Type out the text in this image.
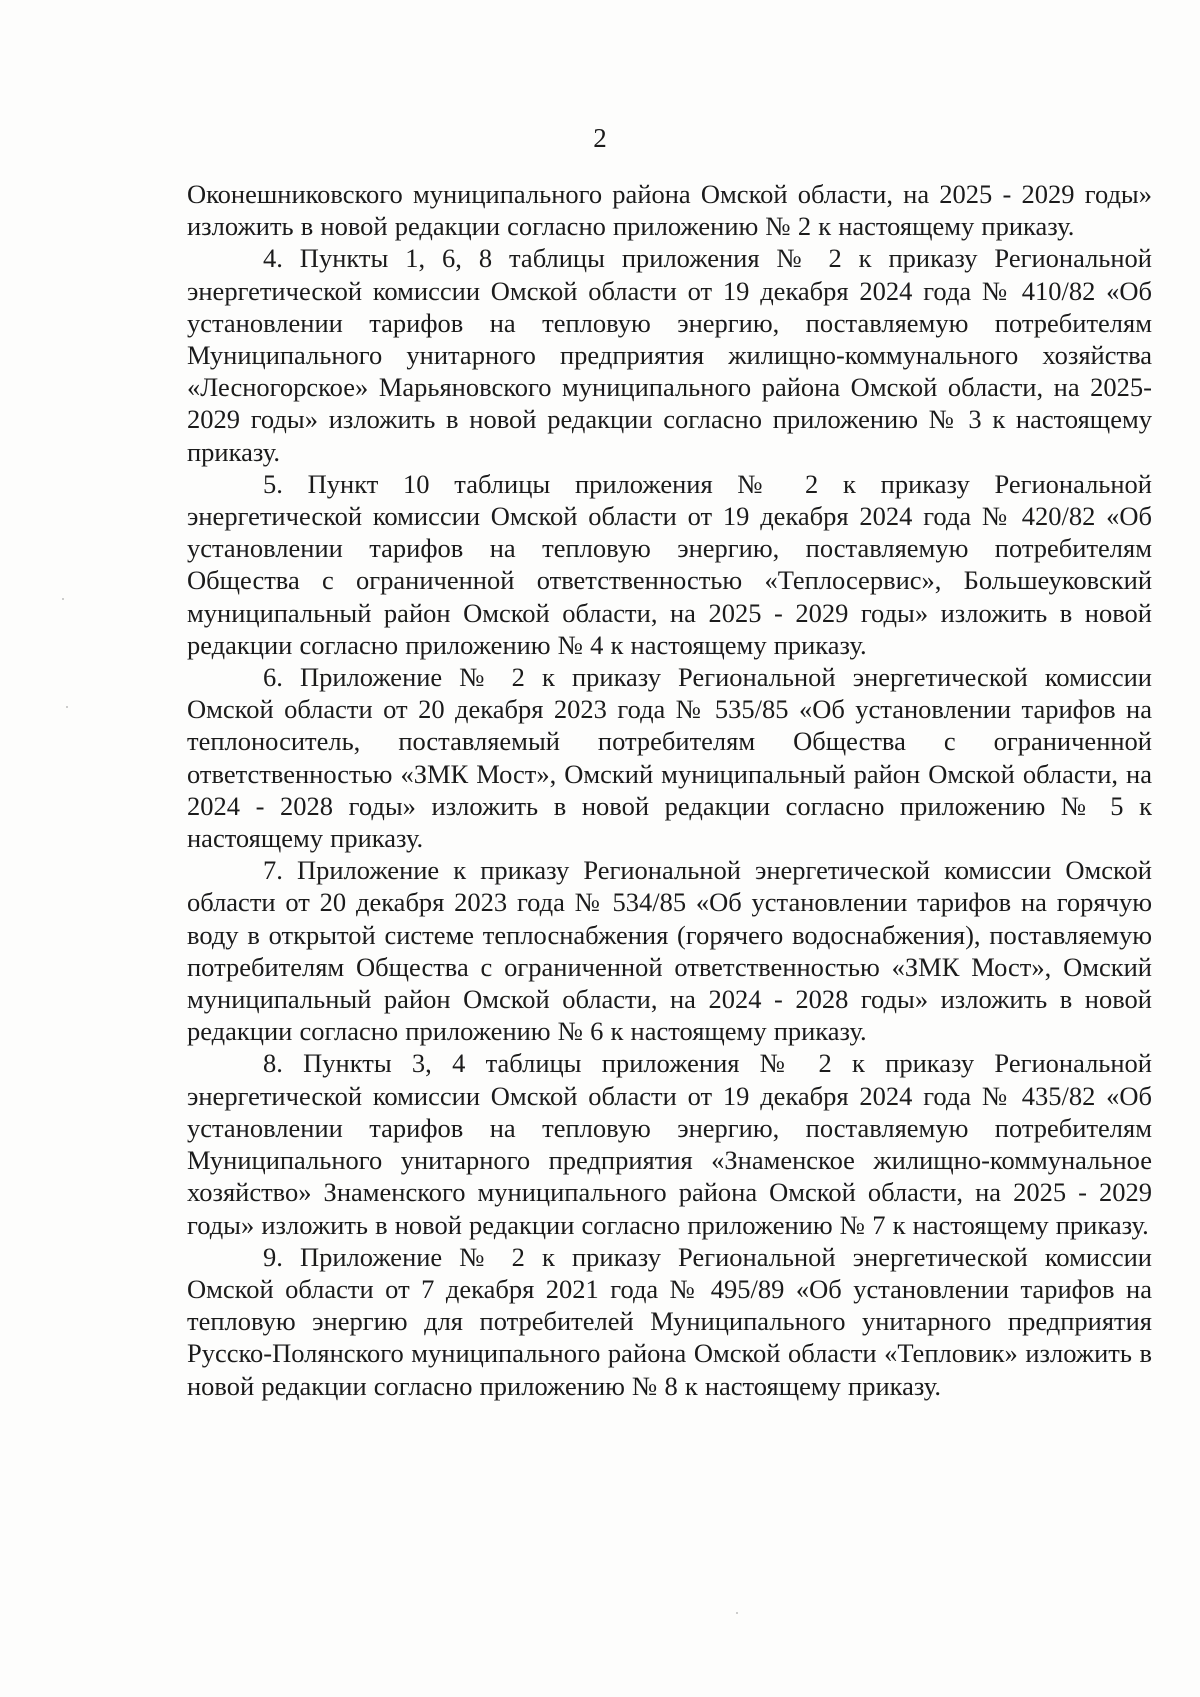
2

Оконешниковского муниципального района Омской области, на 2025 - 2029 годы» изложить в новой редакции согласно приложению № 2 к настоящему приказу.

4. Пункты 1, 6, 8 таблицы приложения № 2 к приказу Региональной энергетической комиссии Омской области от 19 декабря 2024 года № 410/82 «Об установлении тарифов на тепловую энергию, поставляемую потребителям Муниципального унитарного предприятия жилищно-коммунального хозяйства «Лесногорское» Марьяновского муниципального района Омской области, на 2025-2029 годы» изложить в новой редакции согласно приложению № 3 к настоящему приказу.

5. Пункт 10 таблицы приложения № 2 к приказу Региональной энергетической комиссии Омской области от 19 декабря 2024 года № 420/82 «Об установлении тарифов на тепловую энергию, поставляемую потребителям Общества с ограниченной ответственностью «Теплосервис», Большеуковский муниципальный район Омской области, на 2025 - 2029 годы» изложить в новой редакции согласно приложению № 4 к настоящему приказу.

6. Приложение № 2 к приказу Региональной энергетической комиссии Омской области от 20 декабря 2023 года № 535/85 «Об установлении тарифов на теплоноситель, поставляемый потребителям Общества с ограниченной ответственностью «ЗМК Мост», Омский муниципальный район Омской области, на 2024 - 2028 годы» изложить в новой редакции согласно приложению № 5 к настоящему приказу.

7. Приложение к приказу Региональной энергетической комиссии Омской области от 20 декабря 2023 года № 534/85 «Об установлении тарифов на горячую воду в открытой системе теплоснабжения (горячего водоснабжения), поставляемую потребителям Общества с ограниченной ответственностью «ЗМК Мост», Омский муниципальный район Омской области, на 2024 - 2028 годы» изложить в новой редакции согласно приложению № 6 к настоящему приказу.

8. Пункты 3, 4 таблицы приложения № 2 к приказу Региональной энергетической комиссии Омской области от 19 декабря 2024 года № 435/82 «Об установлении тарифов на тепловую энергию, поставляемую потребителям Муниципального унитарного предприятия «Знаменское жилищно-коммунальное хозяйство» Знаменского муниципального района Омской области, на 2025 - 2029 годы» изложить в новой редакции согласно приложению № 7 к настоящему приказу.

9. Приложение № 2 к приказу Региональной энергетической комиссии Омской области от 7 декабря 2021 года № 495/89 «Об установлении тарифов на тепловую энергию для потребителей Муниципального унитарного предприятия Русско-Полянского муниципального района Омской области «Тепловик» изложить в новой редакции согласно приложению № 8 к настоящему приказу.
